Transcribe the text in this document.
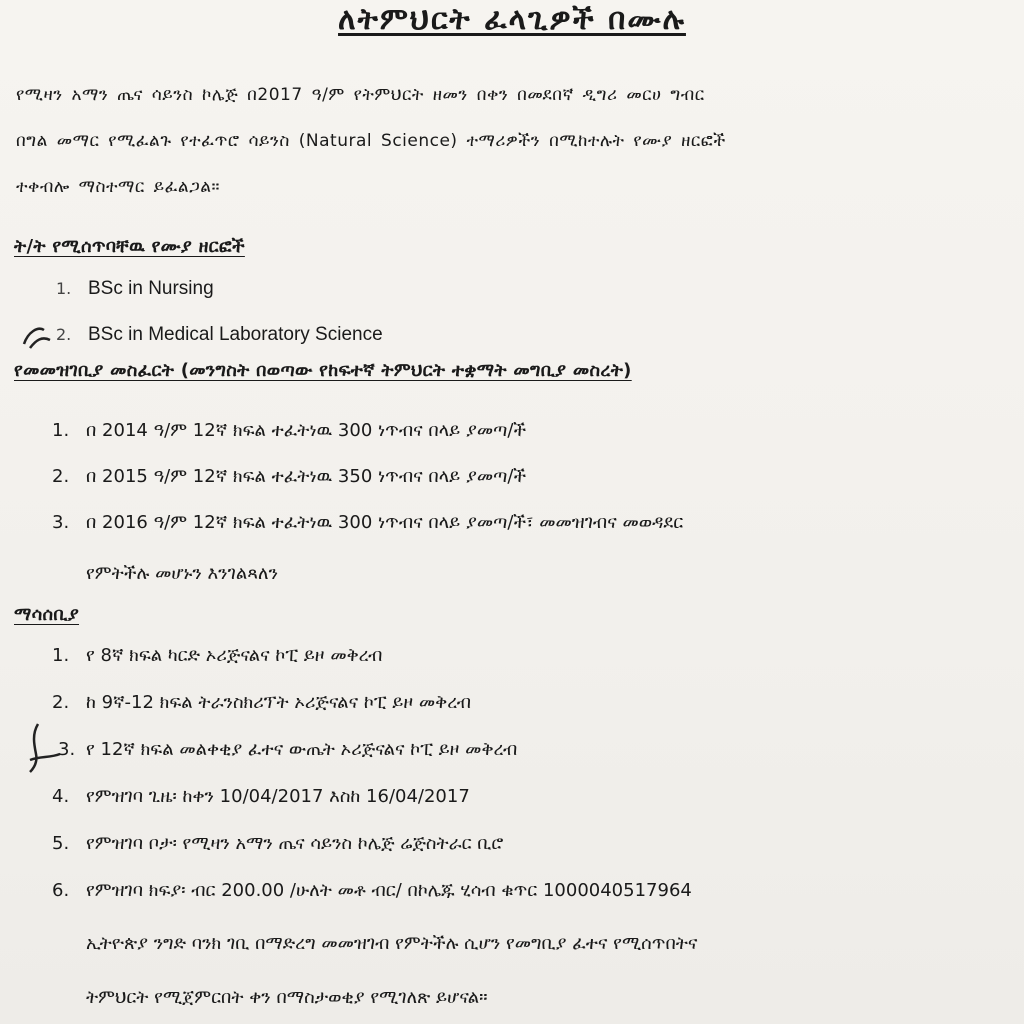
ለትምህርት ፈላጊዎች በሙሉ
የሚዛን አማን ጤና ሳይንስ ኮሌጅ በ2017 ዓ/ም የትምህርት ዘመን በቀን በመደበኛ ዲግሪ መርሀ ግብር
በግል መማር የሚፈልጉ የተፈጥሮ ሳይንስ (Natural Science) ተማሪዎችን በሚከተሉት የሙያ ዘርፎች
ተቀብሎ ማስተማር ይፈልጋል።
ት/ት የሚሰጥባቸዉ የሙያ ዘርፎች
1. BSc in Nursing
2. BSc in Medical Laboratory Science
የመመዝገቢያ መስፈርት (መንግስት በወጣው የከፍተኛ ትምህርት ተቋማት መግቢያ መስረት)
1. በ 2014 ዓ/ም 12ኛ ክፍል ተፈትነዉ 300 ነጥብና በላይ ያመጣ/ች
2. በ 2015 ዓ/ም 12ኛ ክፍል ተፈትነዉ 350 ነጥብና በላይ ያመጣ/ች
3. በ 2016 ዓ/ም 12ኛ ክፍል ተፈትነዉ 300 ነጥብና በላይ ያመጣ/ች፣ መመዝገብና መወዳደር
የምትችሉ መሆኑን እንገልጻለን
ማሳሰቢያ
1. የ 8ኛ ክፍል ካርድ ኦሪጅናልና ኮፒ ይዞ መቅረብ
2. ከ 9ኛ-12 ክፍል ትራንስክሪፕት ኦሪጅናልና ኮፒ ይዞ መቅረብ
3. የ 12ኛ ክፍል መልቀቂያ ፈተና ውጤት ኦሪጅናልና ኮፒ ይዞ መቅረብ
4. የምዝገባ ጊዜ፡ ከቀን 10/04/2017 እስከ 16/04/2017
5. የምዝገባ ቦታ፡ የሚዛን አማን ጤና ሳይንስ ኮሌጅ ሬጅስትራር ቢሮ
6. የምዝገባ ክፍያ፡ ብር 200.00 /ሁለት መቶ ብር/ በኮሌጁ ሂሳብ ቁጥር 1000040517964
ኢትዮጵያ ንግድ ባንክ ገቢ በማድረግ መመዝገብ የምትችሉ ሲሆን የመግቢያ ፈተና የሚሰጥበትና
ትምህርት የሚጀምርበት ቀን በማስታወቂያ የሚገለጽ ይሆናል።
